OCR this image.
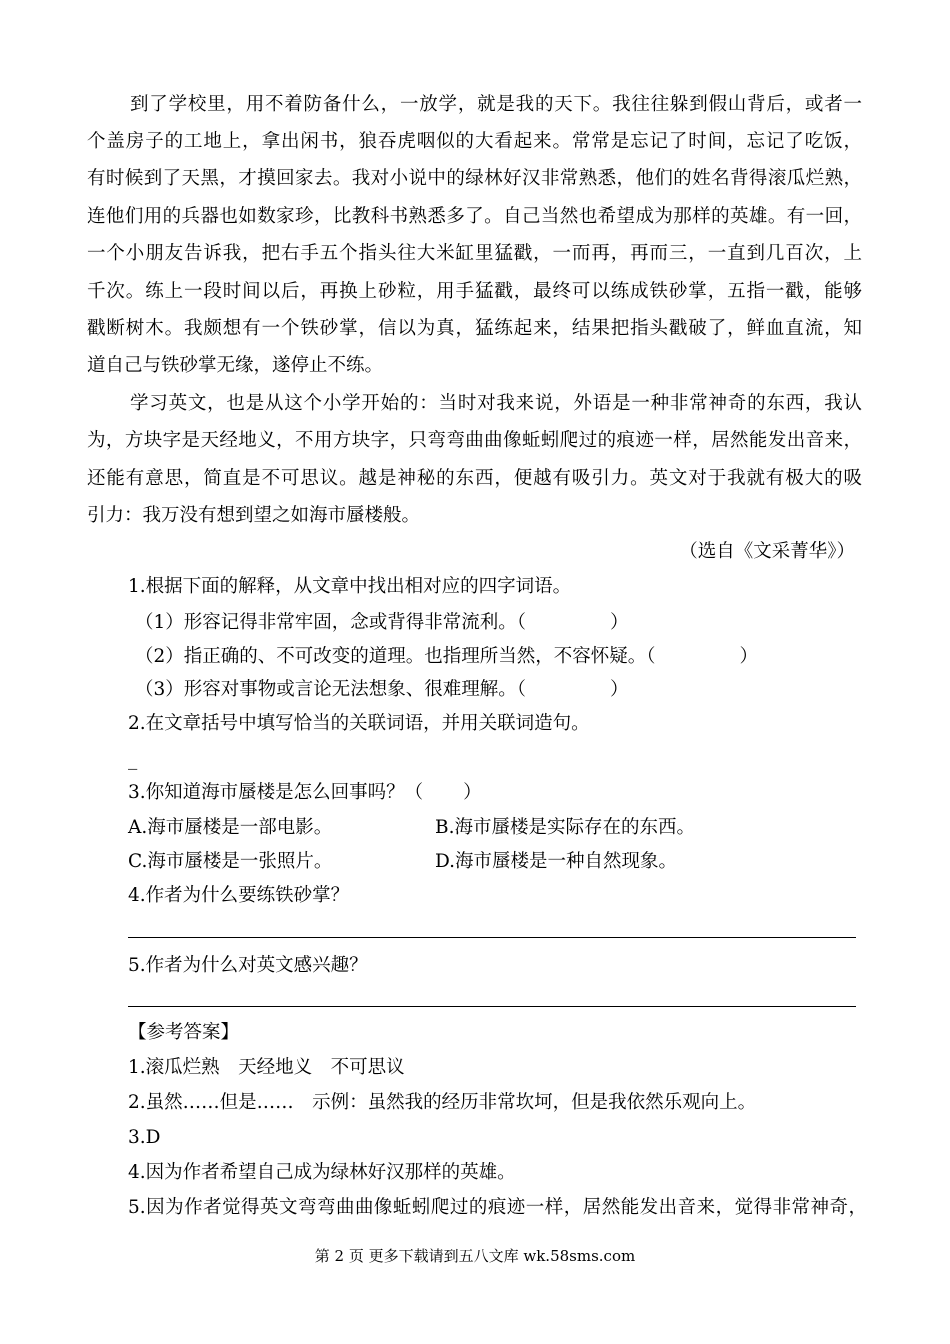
到了学校里，用不着防备什么，一放学，就是我的天下。我往往躲到假山背后，或者一
个盖房子的工地上，拿出闲书，狼吞虎咽似的大看起来。常常是忘记了时间，忘记了吃饭，
有时候到了天黑，才摸回家去。我对小说中的绿林好汉非常熟悉，他们的姓名背得滚瓜烂熟，
连他们用的兵器也如数家珍，比教科书熟悉多了。自己当然也希望成为那样的英雄。有一回，
一个小朋友告诉我，把右手五个指头往大米缸里猛戳，一而再，再而三，一直到几百次，上
千次。练上一段时间以后，再换上砂粒，用手猛戳，最终可以练成铁砂掌，五指一戳，能够
戳断树木。我颇想有一个铁砂掌，信以为真，猛练起来，结果把指头戳破了，鲜血直流，知
道自己与铁砂掌无缘，遂停止不练。
学习英文，也是从这个小学开始的：当时对我来说，外语是一种非常神奇的东西，我认
为，方块字是天经地义，不用方块字，只弯弯曲曲像蚯蚓爬过的痕迹一样，居然能发出音来，
还能有意思，简直是不可思议。越是神秘的东西，便越有吸引力。英文对于我就有极大的吸
引力：我万没有想到望之如海市蜃楼般。
（选自《文采菁华》）
1.根据下面的解释，从文章中找出相对应的四字词语。
（1）形容记得非常牢固，念或背得非常流利。（	）
（2）指正确的、不可改变的道理。也指理所当然，不容怀疑。（	）
（3）形容对事物或言论无法想象、很难理解。（	）
2.在文章括号中填写恰当的关联词语，并用关联词造句。
_
3.你知道海市蜃楼是怎么回事吗？（ ）
A.海市蜃楼是一部电影。	B.海市蜃楼是实际存在的东西。
C.海市蜃楼是一张照片。	D.海市蜃楼是一种自然现象。
4.作者为什么要练铁砂掌？
5.作者为什么对英文感兴趣？
【参考答案】
1.滚瓜烂熟　天经地义　不可思议
2.虽然……但是……　示例：虽然我的经历非常坎坷，但是我依然乐观向上。
3.D
4.因为作者希望自己成为绿林好汉那样的英雄。
5.因为作者觉得英文弯弯曲曲像蚯蚓爬过的痕迹一样，居然能发出音来，觉得非常神奇，
第 2 页 更多下载请到五八文库 wk.58sms.com
